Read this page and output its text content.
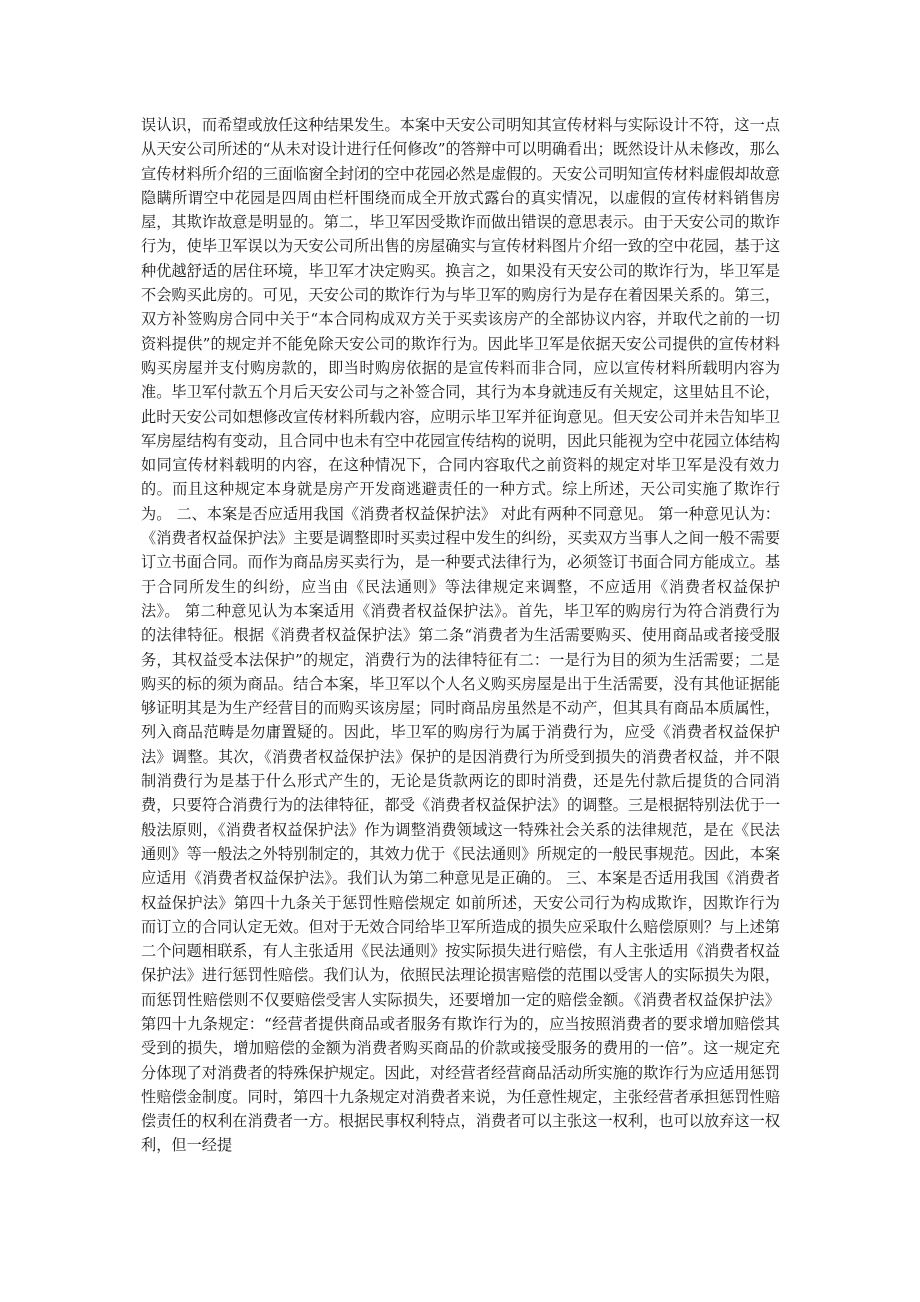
误认识，而希望或放任这种结果发生。本案中天安公司明知其宣传材料与实际设计不符，这一点从天安公司所述的“从未对设计进行任何修改”的答辩中可以明确看出；既然设计从未修改，那么宣传材料所介绍的三面临窗全封闭的空中花园必然是虚假的。天安公司明知宣传材料虚假却故意隐瞒所谓空中花园是四周由栏杆围绕而成全开放式露台的真实情况，以虚假的宣传材料销售房屋，其欺诈故意是明显的。第二，毕卫军因受欺诈而做出错误的意思表示。由于天安公司的欺诈行为，使毕卫军误以为天安公司所出售的房屋确实与宣传材料图片介绍一致的空中花园，基于这种优越舒适的居住环境，毕卫军才决定购买。换言之，如果没有天安公司的欺诈行为，毕卫军是不会购买此房的。可见，天安公司的欺诈行为与毕卫军的购房行为是存在着因果关系的。第三，双方补签购房合同中关于“本合同构成双方关于买卖该房产的全部协议内容，并取代之前的一切资料提供”的规定并不能免除天安公司的欺诈行为。因此毕卫军是依据天安公司提供的宣传材料购买房屋并支付购房款的，即当时购房依据的是宣传料而非合同，应以宣传材料所载明内容为准。毕卫军付款五个月后天安公司与之补签合同，其行为本身就违反有关规定，这里姑且不论，此时天安公司如想修改宣传材料所载内容，应明示毕卫军并征询意见。但天安公司并未告知毕卫军房屋结构有变动，且合同中也未有空中花园宣传结构的说明，因此只能视为空中花园立体结构如同宣传材料载明的内容，在这种情况下，合同内容取代之前资料的规定对毕卫军是没有效力的。而且这种规定本身就是房产开发商逃避责任的一种方式。综上所述，天公司实施了欺诈行为。 二、本案是否应适用我国《消费者权益保护法》 对此有两种不同意见。 第一种意见认为：《消费者权益保护法》主要是调整即时买卖过程中发生的纠纷，买卖双方当事人之间一般不需要订立书面合同。而作为商品房买卖行为，是一种要式法律行为，必须签订书面合同方能成立。基于合同所发生的纠纷，应当由《民法通则》等法律规定来调整，不应适用《消费者权益保护法》。 第二种意见认为本案适用《消费者权益保护法》。首先，毕卫军的购房行为符合消费行为的法律特征。根据《消费者权益保护法》第二条“消费者为生活需要购买、使用商品或者接受服务，其权益受本法保护”的规定，消费行为的法律特征有二：一是行为目的须为生活需要；二是购买的标的须为商品。结合本案，毕卫军以个人名义购买房屋是出于生活需要，没有其他证据能够证明其是为生产经营目的而购买该房屋；同时商品房虽然是不动产，但其具有商品本质属性，列入商品范畴是勿庸置疑的。因此，毕卫军的购房行为属于消费行为，应受《消费者权益保护法》调整。其次，《消费者权益保护法》保护的是因消费行为所受到损失的消费者权益，并不限制消费行为是基于什么形式产生的，无论是货款两讫的即时消费，还是先付款后提货的合同消费，只要符合消费行为的法律特征，都受《消费者权益保护法》的调整。三是根据特别法优于一般法原则，《消费者权益保护法》作为调整消费领域这一特殊社会关系的法律规范，是在《民法通则》等一般法之外特别制定的，其效力优于《民法通则》所规定的一般民事规范。因此，本案应适用《消费者权益保护法》。我们认为第二种意见是正确的。 三、本案是否适用我国《消费者权益保护法》第四十九条关于惩罚性赔偿规定 如前所述，天安公司行为构成欺诈，因欺诈行为而订立的合同认定无效。但对于无效合同给毕卫军所造成的损失应采取什么赔偿原则？与上述第二个问题相联系，有人主张适用《民法通则》按实际损失进行赔偿，有人主张适用《消费者权益保护法》进行惩罚性赔偿。我们认为，依照民法理论损害赔偿的范围以受害人的实际损失为限，而惩罚性赔偿则不仅要赔偿受害人实际损失，还要增加一定的赔偿金额。《消费者权益保护法》第四十九条规定：“经营者提供商品或者服务有欺诈行为的，应当按照消费者的要求增加赔偿其受到的损失，增加赔偿的金额为消费者购买商品的价款或接受服务的费用的一倍”。这一规定充分体现了对消费者的特殊保护规定。因此，对经营者经营商品活动所实施的欺诈行为应适用惩罚性赔偿金制度。同时，第四十九条规定对消费者来说，为任意性规定，主张经营者承担惩罚性赔偿责任的权利在消费者一方。根据民事权利特点，消费者可以主张这一权利，也可以放弃这一权利，但一经提
